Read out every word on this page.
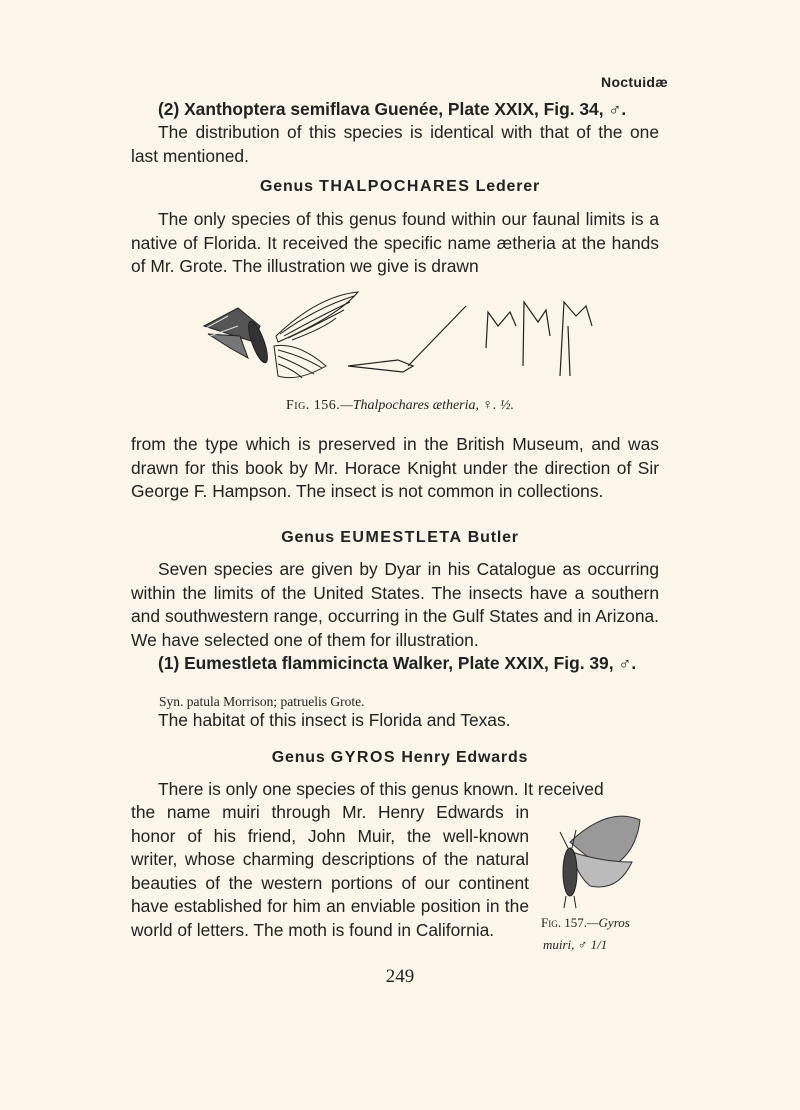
Noctuidæ
(2) Xanthoptera semiflava Guenée, Plate XXIX, Fig. 34, ♂.
The distribution of this species is identical with that of the one last mentioned.
Genus THALPOCHARES Lederer
The only species of this genus found within our faunal limits is a native of Florida. It received the specific name ætheria at the hands of Mr. Grote. The illustration we give is drawn
Fig. 156.—Thalpochares ætheria, ♀. ½.
from the type which is preserved in the British Museum, and was drawn for this book by Mr. Horace Knight under the direction of Sir George F. Hampson. The insect is not common in collections.
Genus EUMESTLETA Butler
Seven species are given by Dyar in his Catalogue as occurring within the limits of the United States. The insects have a southern and southwestern range, occurring in the Gulf States and in Arizona. We have selected one of them for illustration.
(1) Eumestleta flammicincta Walker, Plate XXIX, Fig. 39, ♂.
Syn. patula Morrison; patruelis Grote.
The habitat of this insect is Florida and Texas.
Genus GYROS Henry Edwards
There is only one species of this genus known. It received
the name muiri through Mr. Henry Edwards in honor of his friend, John Muir, the well-known writer, whose charming descriptions of the natural beauties of the western portions of our continent have established for him an enviable position in the world of letters. The moth is found in California.	Fig. 157.—Gyros
muiri, ♂ 1/1
249
